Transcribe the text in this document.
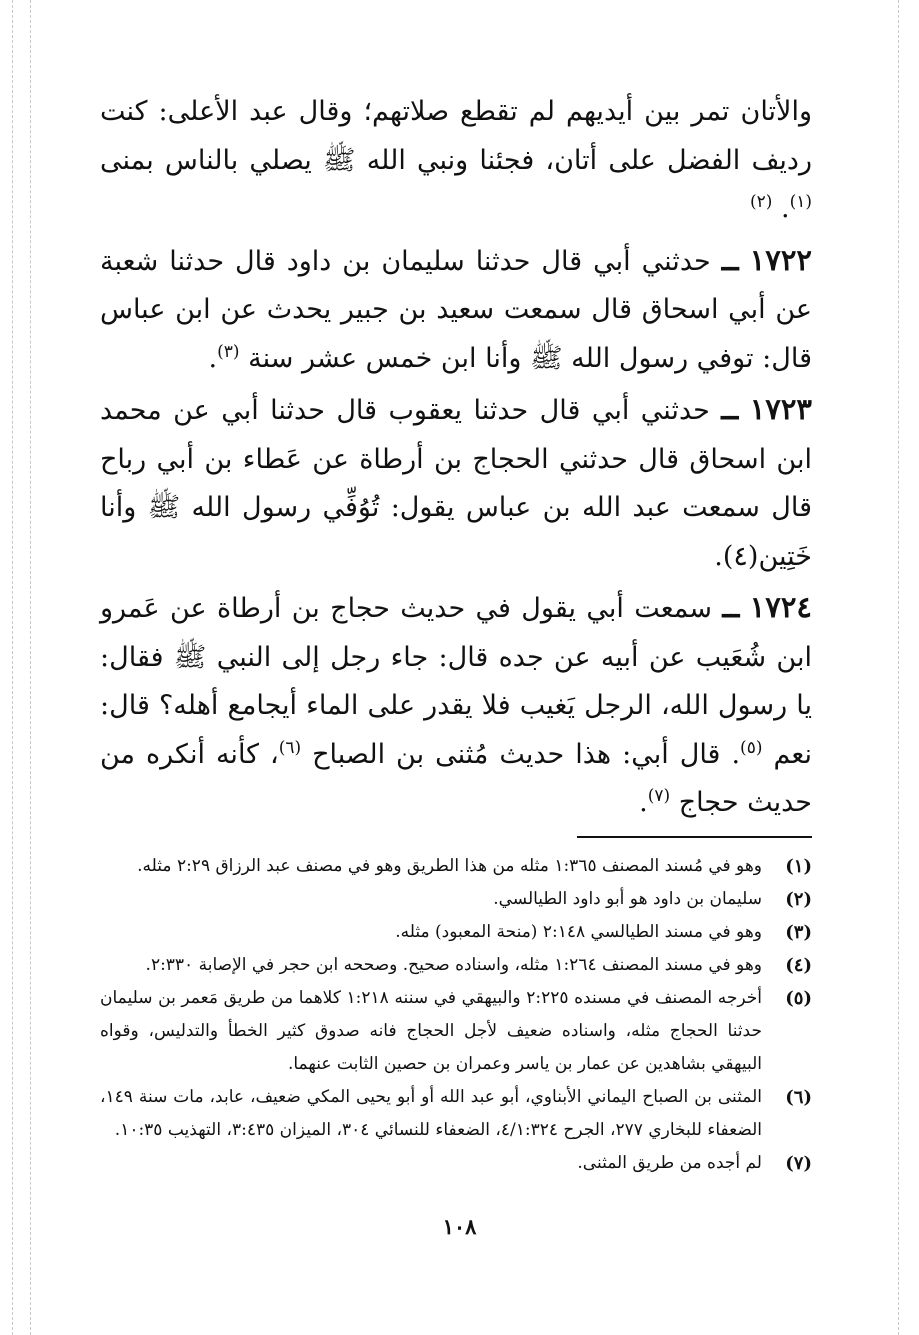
والأتان تمر بين أيديهم لم تقطع صلاتهم؛ وقال عبد الأعلى: كنت رديف الفضل على أتان، فجئنا ونبي الله ﷺ يصلي بالناس بمنى $^{(١)}$. $^{(٢)}$

١٧٢٢ ــ حدثني أبي قال حدثنا سليمان بن داود قال حدثنا شعبة عن أبي اسحاق قال سمعت سعيد بن جبير يحدث عن ابن عباس قال: توفي رسول الله ﷺ وأنا ابن خمس عشر سنة $^{(٣)}$.

١٧٢٣ ــ حدثني أبي قال حدثنا يعقوب قال حدثنا أبي عن محمد ابن اسحاق قال حدثني الحجاج بن أرطاة عن عَطاء بن أبي رباح قال سمعت عبد الله بن عباس يقول: تُوُفِّي رسول الله ﷺ وأنا خَتِين(٤).

١٧٢٤ ــ سمعت أبي يقول في حديث حجاج بن أرطاة عن عَمرو ابن شُعَيب عن أبيه عن جده قال: جاء رجل إلى النبي ﷺ فقال: يا رسول الله، الرجل يَغيب فلا يقدر على الماء أيجامع أهله؟ قال: نعم $^{(٥)}$. قال أبي: هذا حديث مُثنى بن الصباح $^{(٦)}$، كأنه أنكره من حديث حجاج $^{(٧)}$.

(١)
وهو في مُسند المصنف ١:٣٦٥ مثله من هذا الطريق وهو في مصنف عبد الرزاق ٢:٢٩ مثله.
(٢)
سليمان بن داود هو أبو داود الطيالسي.
(٣)
وهو في مسند الطيالسي ٢:١٤٨ (منحة المعبود) مثله.
(٤)
وهو في مسند المصنف ١:٢٦٤ مثله، واسناده صحيح. وصححه ابن حجر في الإصابة ٢:٣٣٠.
(٥)
أخرجه المصنف في مسنده ٢:٢٢٥ والبيهقي في سننه ١:٢١٨ كلاهما من طريق مَعمر بن سليمان حدثنا الحجاج مثله، واسناده ضعيف لأجل الحجاج فانه صدوق كثير الخطأ والتدليس، وقواه البيهقي بشاهدين عن عمار بن ياسر وعمران بن حصين الثابت عنهما.
(٦)
المثنى بن الصباح اليماني الأبناوي، أبو عبد الله أو أبو يحيى المكي ضعيف، عابد، مات سنة ١٤٩، الضعفاء للبخاري ٢٧٧، الجرح ٤/١:٣٢٤، الضعفاء للنسائي ٣٠٤، الميزان ٣:٤٣٥، التهذيب ١٠:٣٥.
(٧)
لم أجده من طريق المثنى.
١٠٨
